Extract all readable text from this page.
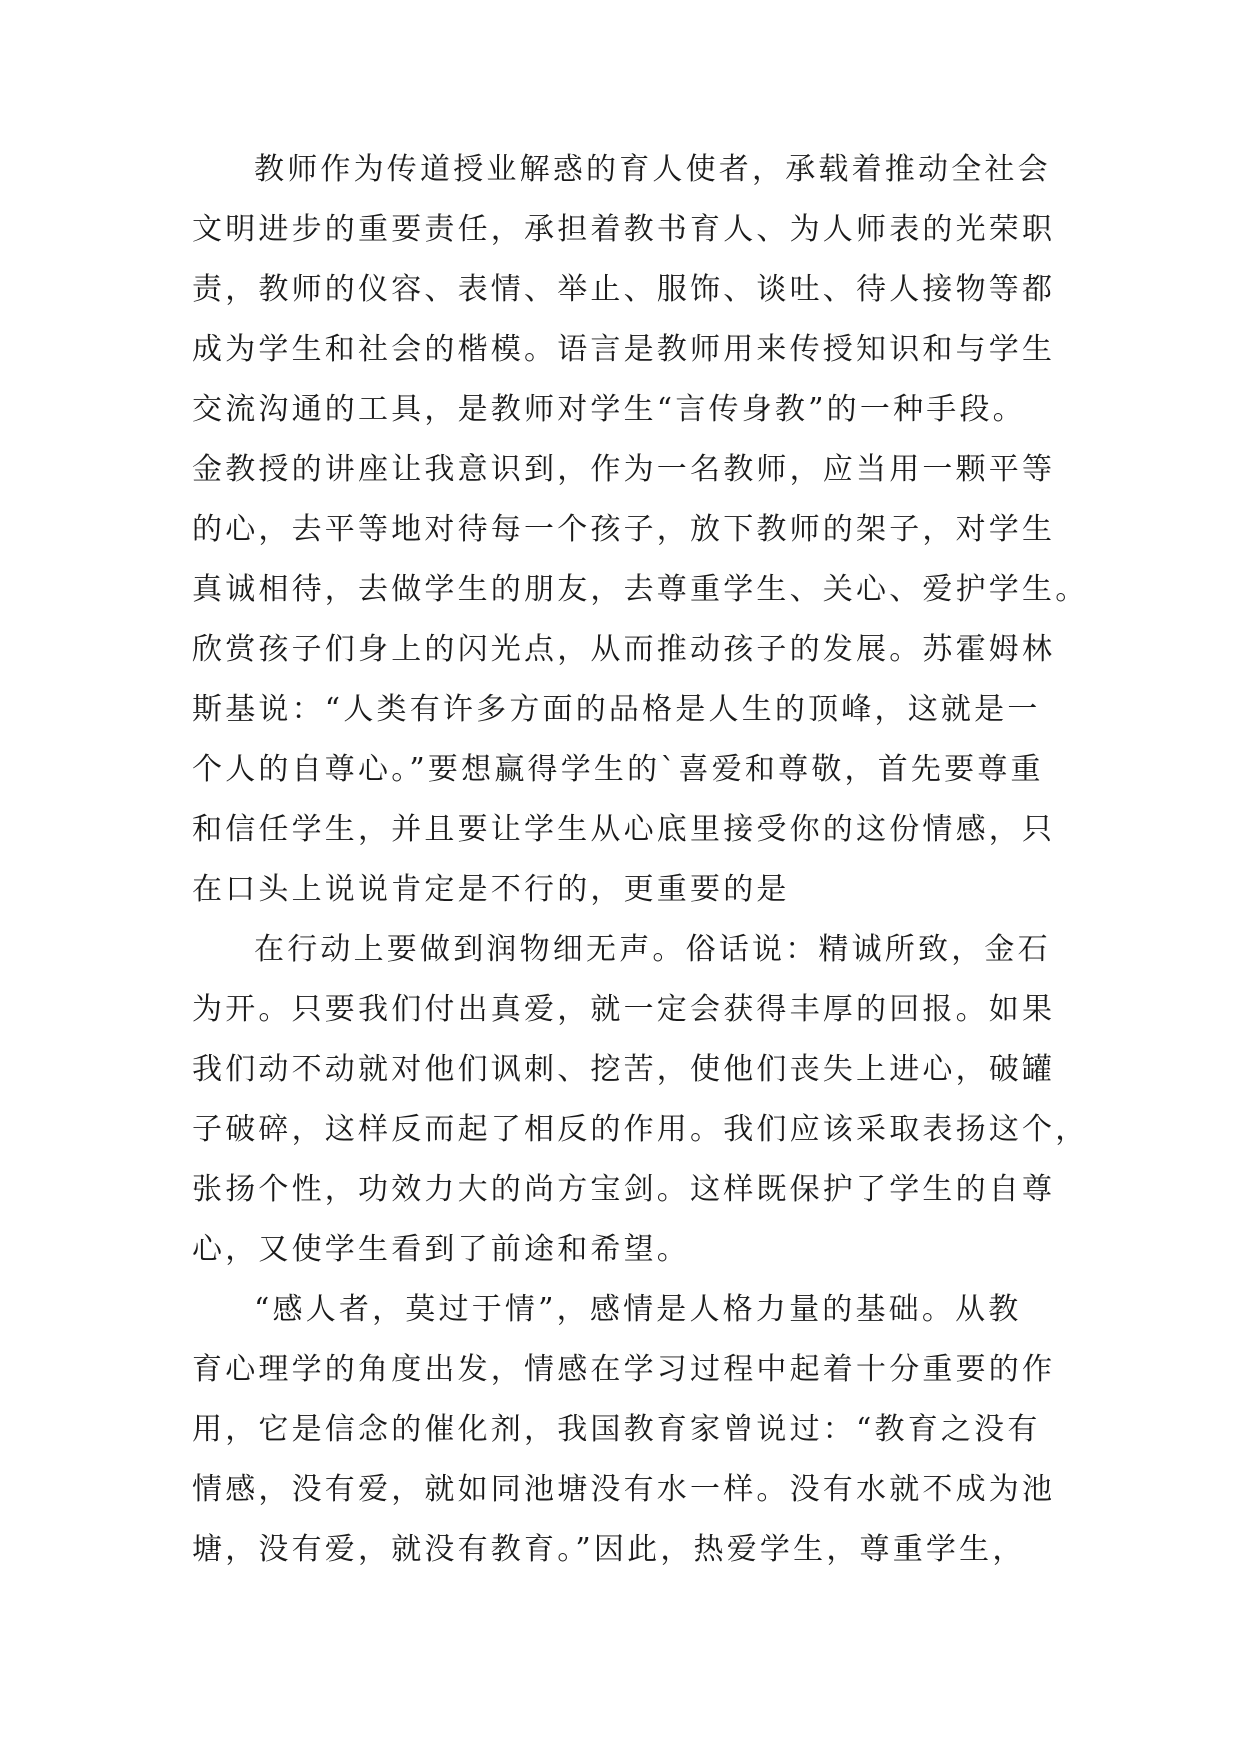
教师作为传道授业解惑的育人使者，承载着推动全社会
文明进步的重要责任，承担着教书育人、为人师表的光荣职
责，教师的仪容、表情、举止、服饰、谈吐、待人接物等都
成为学生和社会的楷模。语言是教师用来传授知识和与学生
交流沟通的工具，是教师对学生“言传身教”的一种手段。
金教授的讲座让我意识到，作为一名教师，应当用一颗平等
的心，去平等地对待每一个孩子，放下教师的架子，对学生
真诚相待，去做学生的朋友，去尊重学生、关心、爱护学生。
欣赏孩子们身上的闪光点，从而推动孩子的发展。苏霍姆林
斯基说：“人类有许多方面的品格是人生的顶峰，这就是一
个人的自尊心。”要想赢得学生的`喜爱和尊敬，首先要尊重
和信任学生，并且要让学生从心底里接受你的这份情感，只
在口头上说说肯定是不行的，更重要的是
在行动上要做到润物细无声。俗话说：精诚所致，金石
为开。只要我们付出真爱，就一定会获得丰厚的回报。如果
我们动不动就对他们讽刺、挖苦，使他们丧失上进心，破罐
子破碎，这样反而起了相反的作用。我们应该采取表扬这个，
张扬个性，功效力大的尚方宝剑。这样既保护了学生的自尊
心，又使学生看到了前途和希望。
“感人者，莫过于情”，感情是人格力量的基础。从教
育心理学的角度出发，情感在学习过程中起着十分重要的作
用，它是信念的催化剂，我国教育家曾说过：“教育之没有
情感，没有爱，就如同池塘没有水一样。没有水就不成为池
塘，没有爱，就没有教育。”因此，热爱学生，尊重学生，
